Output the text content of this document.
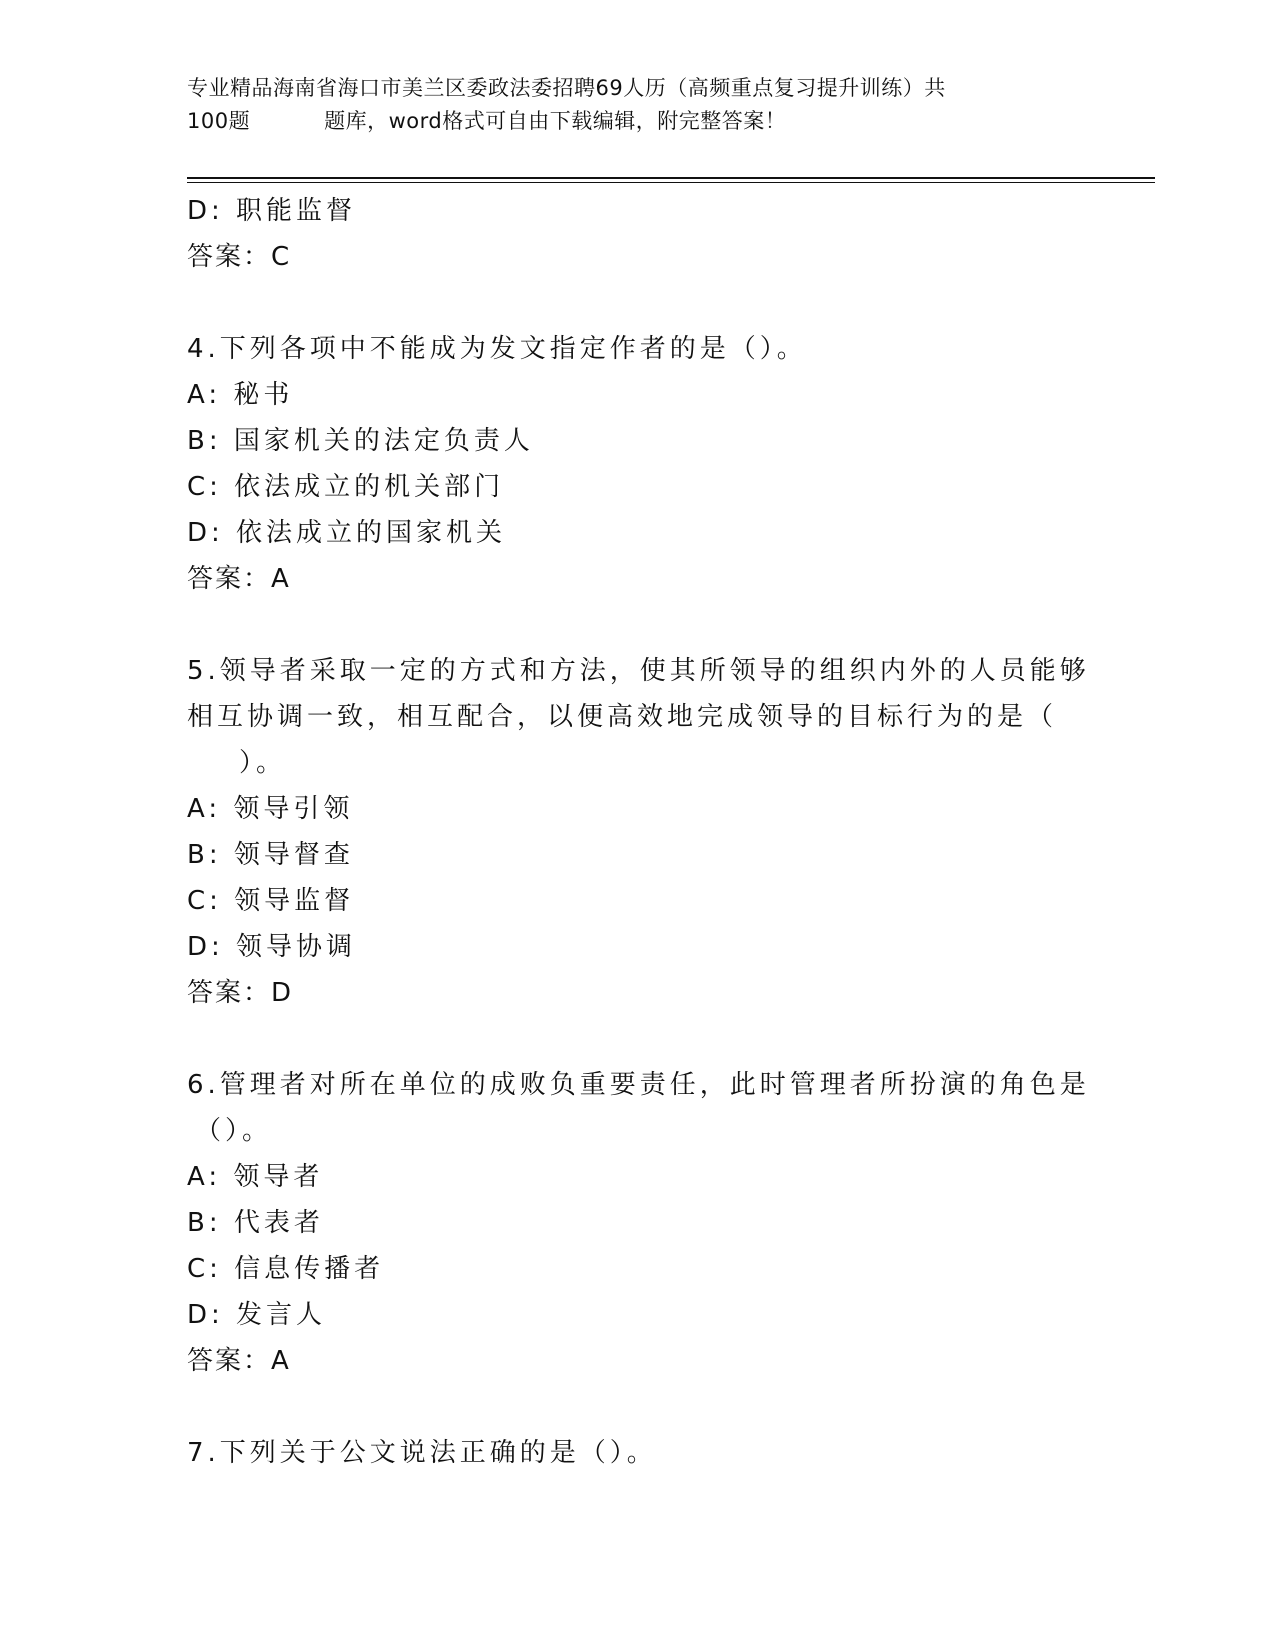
专业精品海南省海口市美兰区委政法委招聘69人历（高频重点复习提升训练）共
100题	题库，word格式可自由下载编辑，附完整答案！
D: 职能监督
答案：C
4.下列各项中不能成为发文指定作者的是（）。
A: 秘书
B: 国家机关的法定负责人
C: 依法成立的机关部门
D: 依法成立的国家机关
答案：A
5.领导者采取一定的方式和方法，使其所领导的组织内外的人员能够
相互协调一致，相互配合，以便高效地完成领导的目标行为的是（
）。
A: 领导引领
B: 领导督查
C: 领导监督
D: 领导协调
答案：D
6.管理者对所在单位的成败负重要责任，此时管理者所扮演的角色是
（）。
A: 领导者
B: 代表者
C: 信息传播者
D: 发言人
答案：A
7.下列关于公文说法正确的是（）。
